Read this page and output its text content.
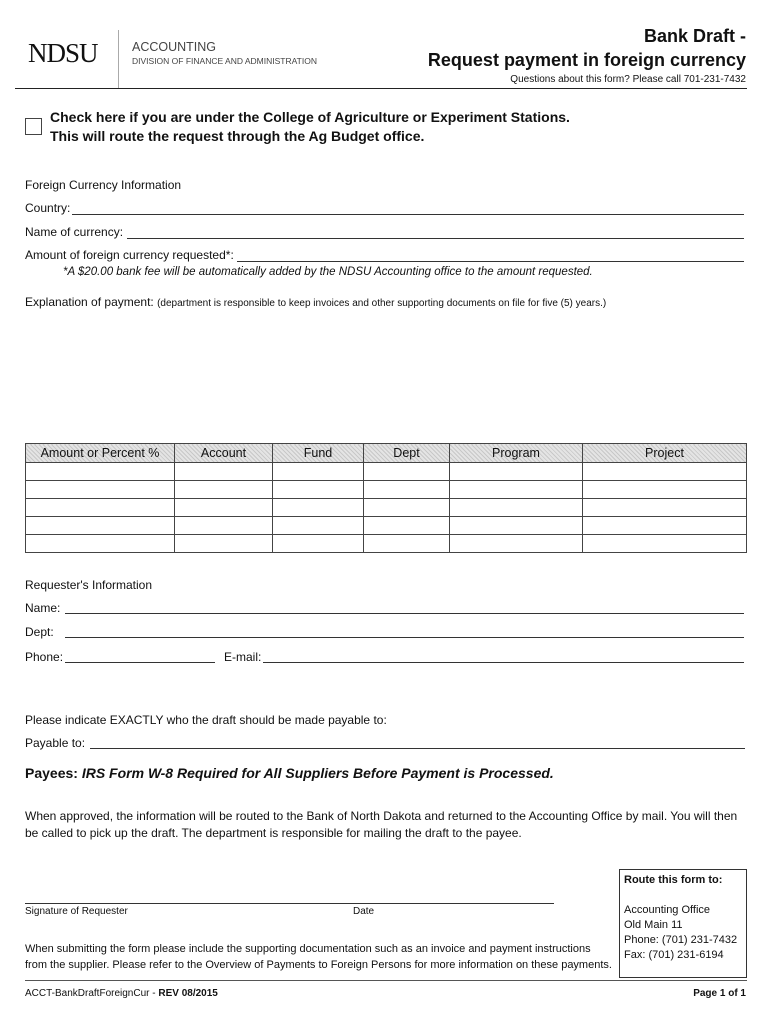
NDSU	ACCOUNTING
DIVISION OF FINANCE AND ADMINISTRATION
Bank Draft -
Request payment in foreign currency
Questions about this form? Please call 701-231-7432
Check here if you are under the College of Agriculture or Experiment Stations.
This will route the request through the Ag Budget office.
Foreign Currency Information
Country:
Name of currency:
Amount of foreign currency requested*:
*A $20.00 bank fee will be automatically added by the NDSU Accounting office to the amount requested.
Explanation of payment: (department is responsible to keep invoices and other supporting documents on file for five (5) years.)
Amount or Percent %	Account	Fund	Dept	Program	Project

Requester's Information
Name:
Dept:
Phone:	E-mail:
Please indicate EXACTLY who the draft should be made payable to:
Payable to:
Payees: IRS Form W-8 Required for All Suppliers Before Payment is Processed.
When approved, the information will be routed to the Bank of North Dakota and returned to the Accounting Office by mail. You will then be called to pick up the draft. The department is responsible for mailing the draft to the payee.
Signature of Requester	Date
When submitting the form please include the supporting documentation such as an invoice and payment instructions from the supplier. Please refer to the Overview of Payments to Foreign Persons for more information on these payments.
Route this form to:
Accounting Office
Old Main 11
Phone: (701) 231-7432
Fax: (701) 231-6194
ACCT-BankDraftForeignCur - REV 08/2015	Page 1 of 1
